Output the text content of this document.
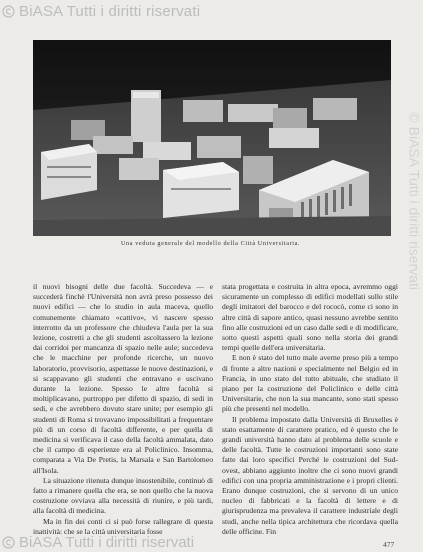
BiASA Tutti i diritti riservati
© BiASA Tutti i diritti riservati
Una veduta generale del modello della Città Universitaria.

il nuovi bisogni delle due facoltà. Succedeva — e succederà finchè l'Università non avrà preso possesso dei nuovi edifici — che lo studio in aula maceva, quello comunemente chiamato «cattivo», vi nascere spesso interrotto da un professore che chiudeva l'aula per la sua lezione, costretti a che gli studenti ascoltassero la lezione dai corridoi per mancanza di spazio nelle aule; succedeva che le macchine per profonde ricerche, un nuovo laboratorio, provvisorio, aspettasse le nuove destinazioni, e si scappavano gli studenti che entravano e uscivano durante la lezione. Spesso le altre facoltà si moltiplicavano, purtroppo per difetto di spazio, di sedi in sedi, e che avrebbero dovuto stare unite; per esempio gli studenti di Roma si trovavano impossibilitati a frequentare più di un corso di facoltà differente, e per quella di medicina si verificava il caso della facoltà ammalata, dato che il campo di esperienze era al Policlinico. Insomma, comparata a Via De Pretis, la Marsala e San Bartolomeo all'Isola.

La situazione ritenuta dunque insostenibile, continuò di fatto a rimanere quella che era, se non quello che la nuova costruzione ovviava alla necessità di riunire, e più tardi, alla facoltà di medicina.

Ma in fin dei conti ci si può forse rallegrare di questa inattività: che se la città universitaria fosse

stata progettata e costruita in altra epoca, avremmo oggi sicuramente un complesso di edifici modellati sullo stile degli imitatori del barocco e del rococò, come ci sono in altre città di sapore antico, quasi nessuno avrebbe sentito fino alle costruzioni ed un caso dalle sedi e di modificare, sotto questi aspetti quali sono nella storia dei grandi tempi quelle dell'era universitaria.

E non è stato del tutto male averne preso più a tempo di fronte a altre nazioni e specialmente nel Belgio ed in Francia, in uno stato del tutto abituale, che studiato il piano per la costruzione del Policlinico e delle città Universitarie, che non la sua mancante, sono stati spesso più che presenti nel modello.

Il problema impostato dalla Università di Bruxelles è stato esattamente di carattere pratico, ed è questo che le grandi università hanno dato al problema delle scuole e delle facoltà. Tutte le costruzioni importanti sono state fatte dai loro specifici Perché le costruzioni del Sud-ovest, abbiano aggiunto inoltre che ci sono nuovi grandi edifici con una propria amministrazione e i propri clienti. Erano dunque costruzioni, che si servono di un unico nucleo di fabbricati e la facoltà di lettere e di giurisprudenza ma prevaleva il carattere industriale degli studi, anche nella tipica architettura che ricordava quella delle officine. Fin

477
BiASA Tutti i diritti riservati
